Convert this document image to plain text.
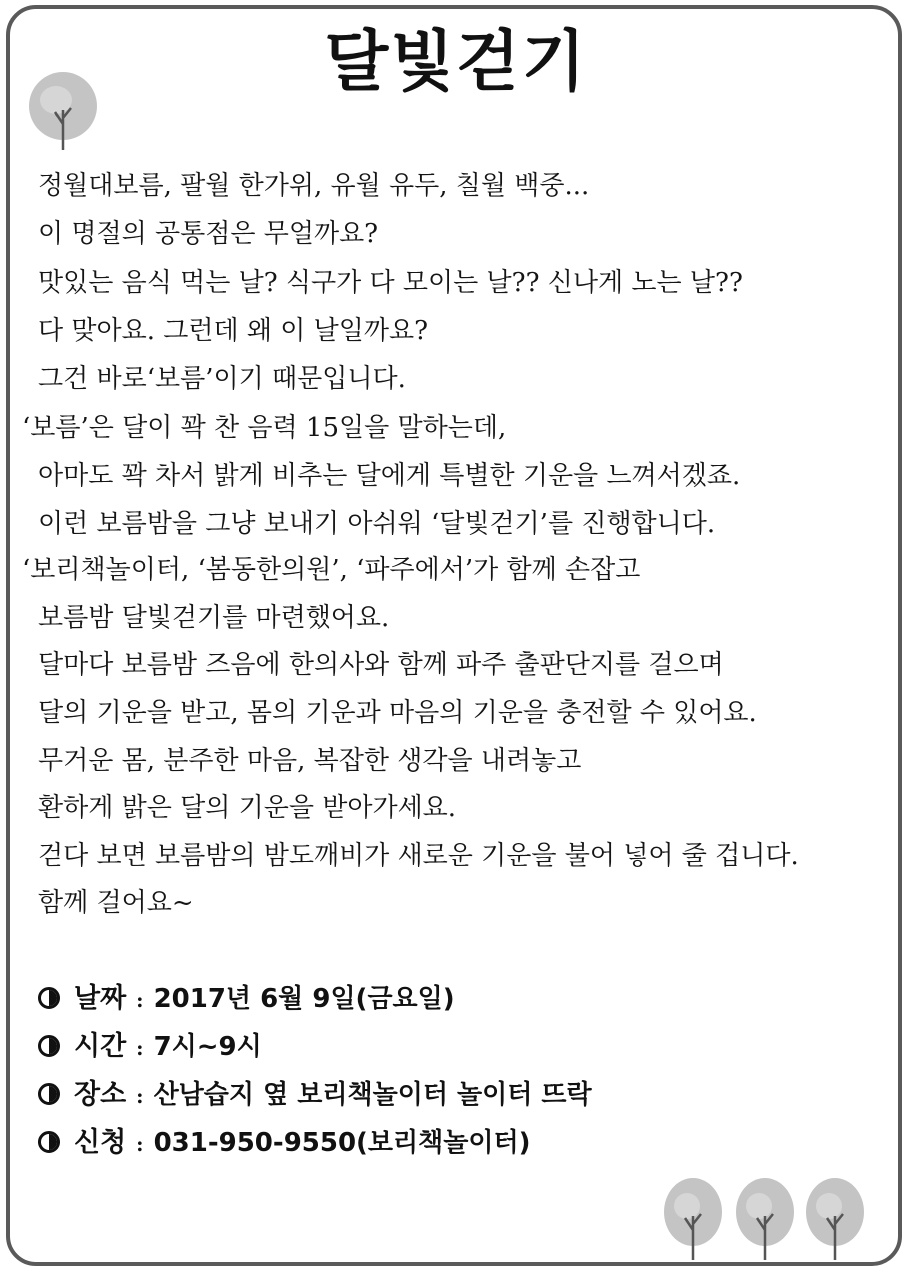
달빛걷기
정월대보름, 팔월 한가위, 유월 유두, 칠월 백중...
이 명절의 공통점은 무얼까요?
맛있는 음식 먹는 날? 식구가 다 모이는 날?? 신나게 노는 날??
다 맞아요. 그런데 왜 이 날일까요?
그건 바로‘보름’이기 때문입니다.
‘보름’은 달이 꽉 찬 음력 15일을 말하는데,
아마도 꽉 차서 밝게 비추는 달에게 특별한 기운을 느껴서겠죠.
이런 보름밤을 그냥 보내기 아쉬워 ‘달빛걷기’를 진행합니다.
‘보리책놀이터, ‘봄동한의원’, ‘파주에서’가 함께 손잡고
보름밤 달빛걷기를 마련했어요.
달마다 보름밤 즈음에 한의사와 함께 파주 출판단지를 걸으며
달의 기운을 받고, 몸의 기운과 마음의 기운을 충전할 수 있어요.
무거운 몸, 분주한 마음, 복잡한 생각을 내려놓고
환하게 밝은 달의 기운을 받아가세요.
걷다 보면 보름밤의 밤도깨비가 새로운 기운을 불어 넣어 줄 겁니다.
함께 걸어요~
날짜 : 2017년 6월 9일(금요일)
시간 : 7시~9시
장소 : 산남습지 옆 보리책놀이터 놀이터 뜨락
신청 : 031-950-9550(보리책놀이터)
